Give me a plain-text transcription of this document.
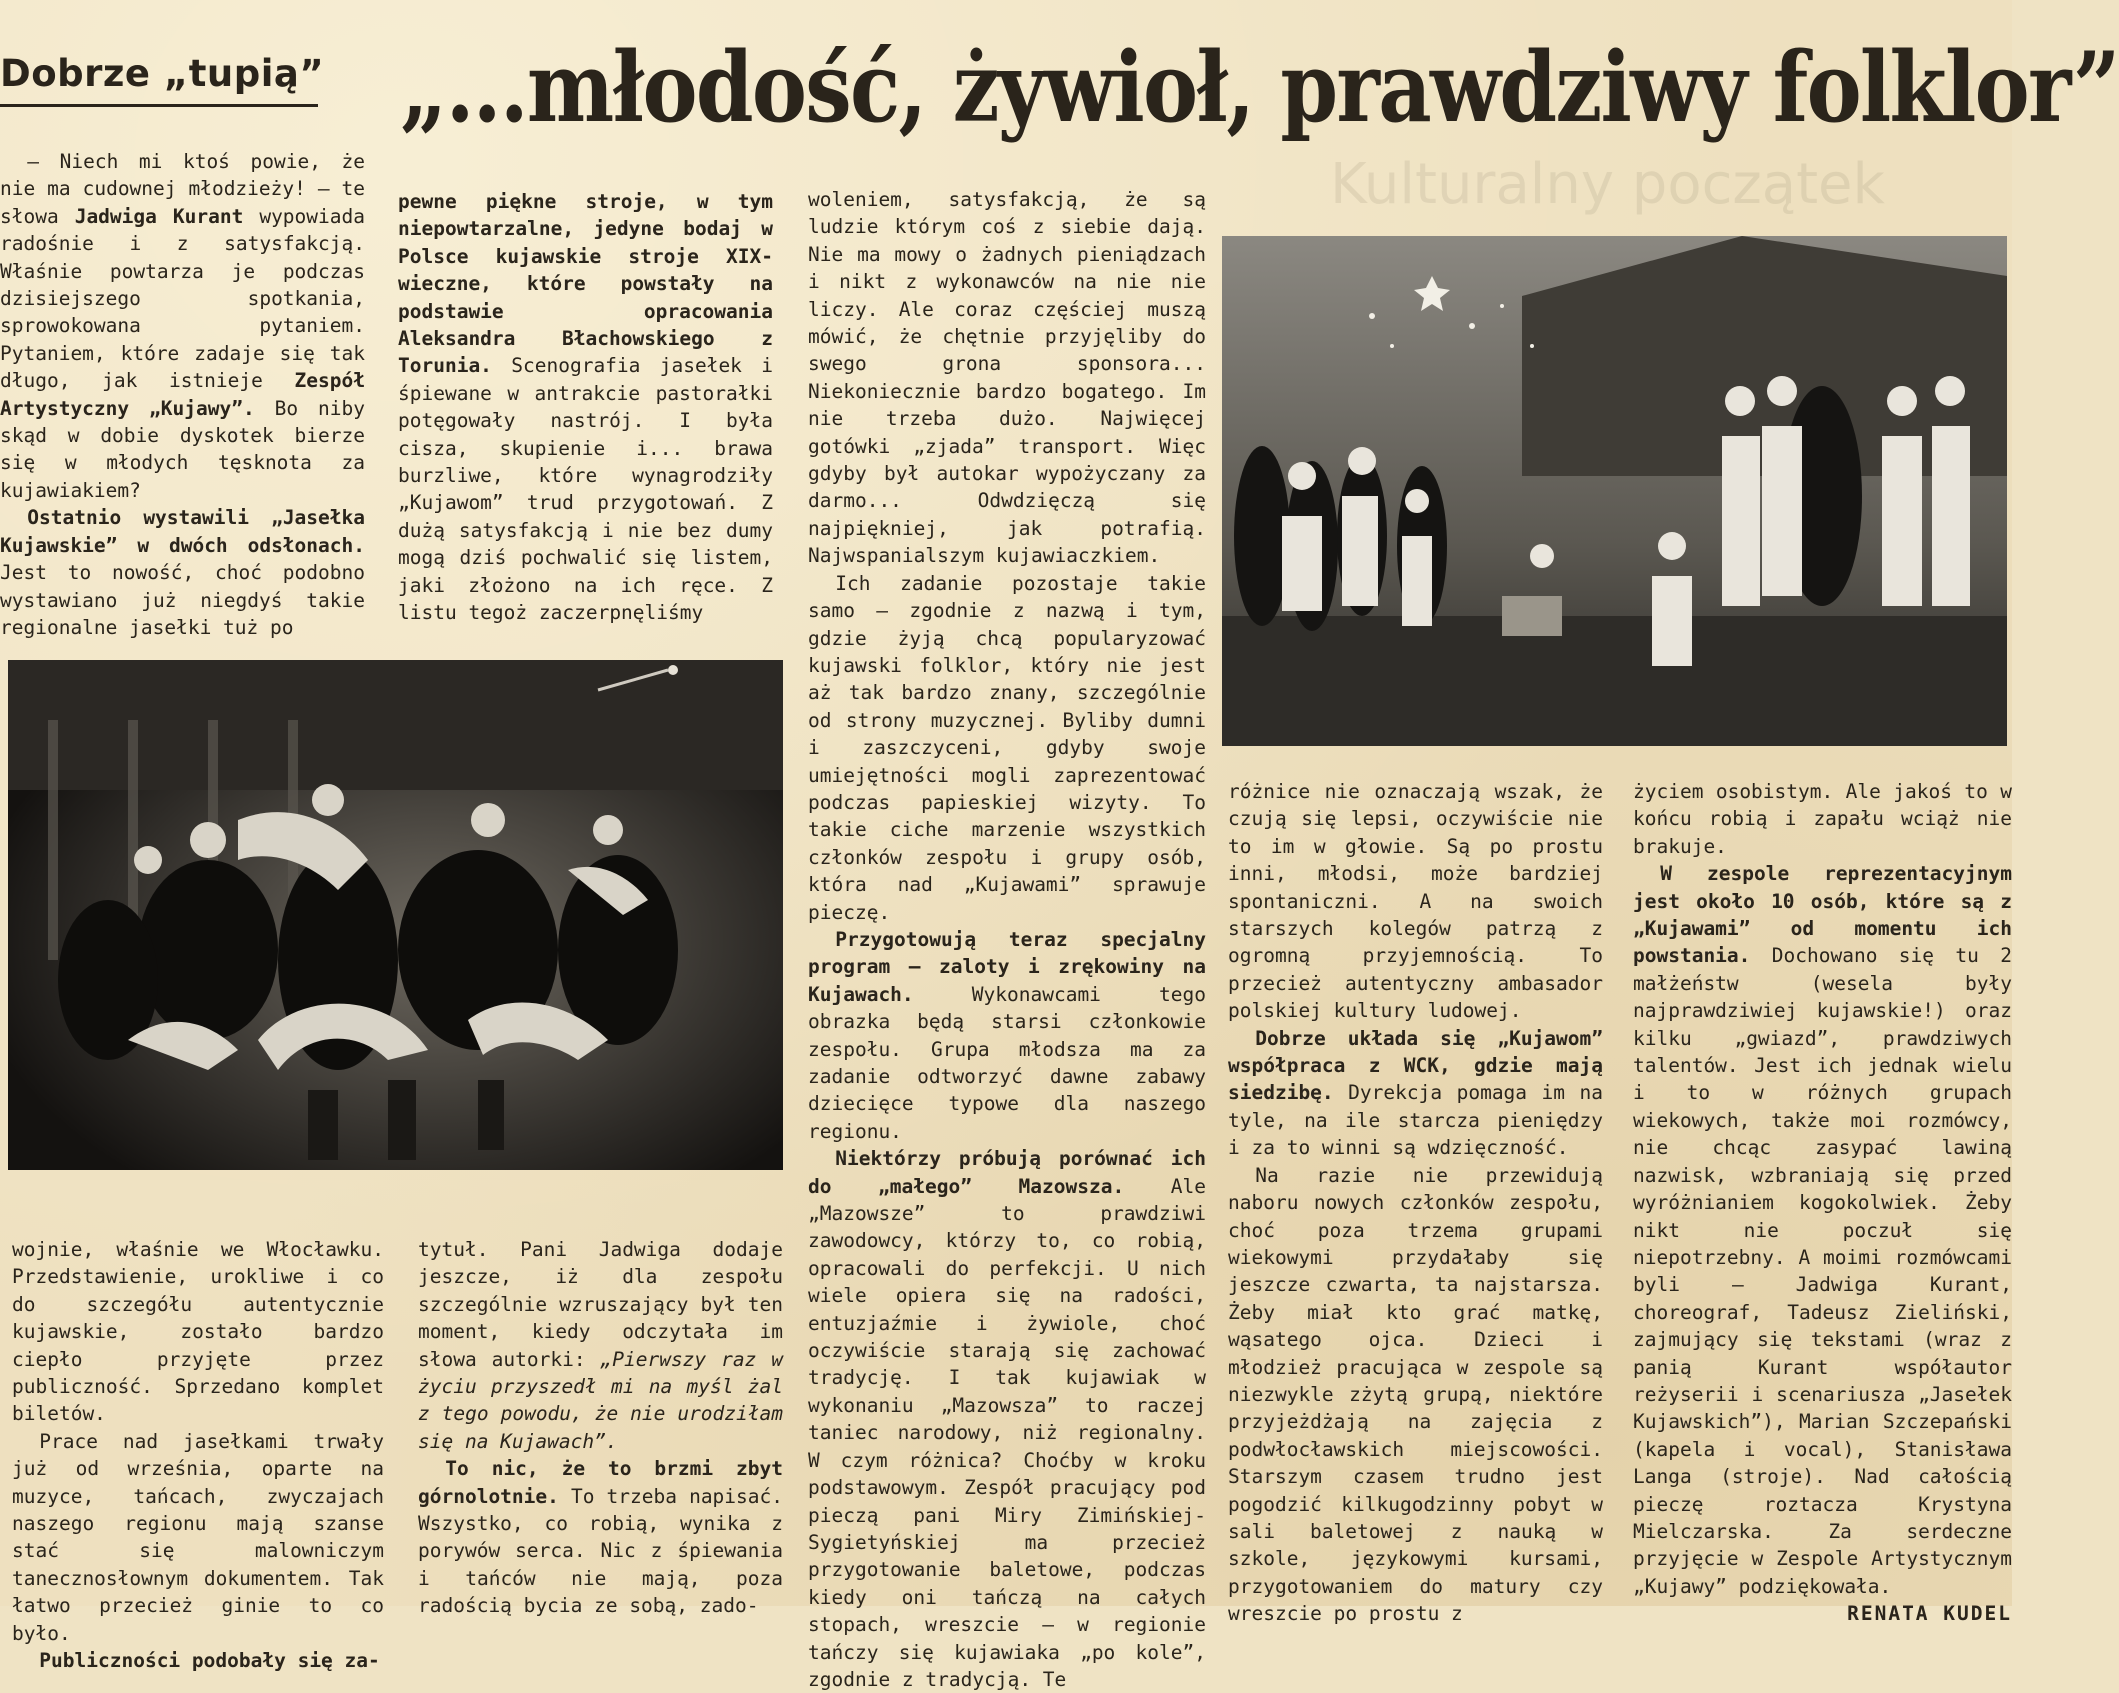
Kulturalny początek
Dobrze „tupią” „...młodość, żywioł, prawdziwy folklor”

— Niech mi ktoś powie, że nie ma cudownej młodzieży! — te słowa Jadwiga Kurant wypowiada radośnie i z satysfakcją. Właśnie powtarza je podczas dzisiejszego spotkania, sprowokowana pytaniem. Pytaniem, które zadaje się tak długo, jak istnieje Zespół Artystyczny „Kujawy”. Bo niby skąd w dobie dyskotek bierze się w młodych tęsknota za kujawiakiem?

Ostatnio wystawili „Jasełka Kujawskie” w dwóch odsłonach. Jest to nowość, choć podobno wystawiano już niegdyś takie regionalne jasełki tuż po

pewne piękne stroje, w tym niepowtarzalne, jedyne bodaj w Polsce kujawskie stroje XIX-wieczne, które powstały na podstawie opracowania Aleksandra Błachowskiego z Torunia. Scenografia jasełek i śpiewane w antrakcie pastorałki potęgowały nastrój. I była cisza, skupienie i... brawa burzliwe, które wynagrodziły „Kujawom” trud przygotowań. Z dużą satysfakcją i nie bez dumy mogą dziś pochwalić się listem, jaki złożono na ich ręce. Z listu tegoż zaczerpnęliśmy

wojnie, właśnie we Włocławku. Przedstawienie, urokliwe i co do szczegółu autentycznie kujawskie, zostało bardzo ciepło przyjęte przez publiczność. Sprzedano komplet biletów.

Prace nad jasełkami trwały już od września, oparte na muzyce, tańcach, zwyczajach naszego regionu mają szanse stać się malowniczym tanecznosłownym dokumentem. Tak łatwo przecież ginie to co było.

Publiczności podobały się za-

tytuł. Pani Jadwiga dodaje jeszcze, iż dla zespołu szczególnie wzruszający był ten moment, kiedy odczytała im słowa autorki: „Pierwszy raz w życiu przyszedł mi na myśl żal z tego powodu, że nie urodziłam się na Kujawach”.

To nic, że to brzmi zbyt górnolotnie. To trzeba napisać. Wszystko, co robią, wynika z porywów serca. Nic z śpiewania i tańców nie mają, poza radością bycia ze sobą, zado-

woleniem, satysfakcją, że są ludzie którym coś z siebie dają. Nie ma mowy o żadnych pieniądzach i nikt z wykonawców na nie nie liczy. Ale coraz częściej muszą mówić, że chętnie przyjęliby do swego grona sponsora... Niekoniecznie bardzo bogatego. Im nie trzeba dużo. Najwięcej gotówki „zjada” transport. Więc gdyby był autokar wypożyczany za darmo... Odwdzięczą się najpiękniej, jak potrafią. Najwspanialszym kujawiaczkiem.

Ich zadanie pozostaje takie samo — zgodnie z nazwą i tym, gdzie żyją chcą popularyzować kujawski folklor, który nie jest aż tak bardzo znany, szczególnie od strony muzycznej. Byliby dumni i zaszczyceni, gdyby swoje umiejętności mogli zaprezentować podczas papieskiej wizyty. To takie ciche marzenie wszystkich członków zespołu i grupy osób, która nad „Kujawami” sprawuje pieczę.

Przygotowują teraz specjalny program — zaloty i zrękowiny na Kujawach. Wykonawcami tego obrazka będą starsi członkowie zespołu. Grupa młodsza ma za zadanie odtworzyć dawne zabawy dziecięce typowe dla naszego regionu.

Niektórzy próbują porównać ich do „małego” Mazowsza. Ale „Mazowsze” to prawdziwi zawodowcy, którzy to, co robią, opracowali do perfekcji. U nich wiele opiera się na radości, entuzjaźmie i żywiole, choć oczywiście starają się zachować tradycję. I tak kujawiak w wykonaniu „Mazowsza” to raczej taniec narodowy, niż regionalny. W czym różnica? Choćby w kroku podstawowym. Zespół pracujący pod pieczą pani Miry Zimińskiej-Sygietyńskiej ma przecież przygotowanie baletowe, podczas kiedy oni tańczą na całych stopach, wreszcie — w regionie tańczy się kujawiaka „po kole”, zgodnie z tradycją. Te

różnice nie oznaczają wszak, że czują się lepsi, oczywiście nie to im w głowie. Są po prostu inni, młodsi, może bardziej spontaniczni. A na swoich starszych kolegów patrzą z ogromną przyjemnością. To przecież autentyczny ambasador polskiej kultury ludowej.

Dobrze układa się „Kujawom” współpraca z WCK, gdzie mają siedzibę. Dyrekcja pomaga im na tyle, na ile starcza pieniędzy i za to winni są wdzięczność.

Na razie nie przewidują naboru nowych członków zespołu, choć poza trzema grupami wiekowymi przydałaby się jeszcze czwarta, ta najstarsza. Żeby miał kto grać matkę, wąsatego ojca. Dzieci i młodzież pracująca w zespole są niezwykle zżytą grupą, niektóre przyjeżdżają na zajęcia z podwłocławskich miejscowości. Starszym czasem trudno jest pogodzić kilkugodzinny pobyt w sali baletowej z nauką w szkole, językowymi kursami, przygotowaniem do matury czy wreszcie po prostu z

życiem osobistym. Ale jakoś to w końcu robią i zapału wciąż nie brakuje.

W zespole reprezentacyjnym jest około 10 osób, które są z „Kujawami” od momentu ich powstania. Dochowano się tu 2 małżeństw (wesela były najprawdziwiej kujawskie!) oraz kilku „gwiazd”, prawdziwych talentów. Jest ich jednak wielu i to w różnych grupach wiekowych, także moi rozmówcy, nie chcąc zasypać lawiną nazwisk, wzbraniają się przed wyróżnianiem kogokolwiek. Żeby nikt nie poczuł się niepotrzebny. A moimi rozmówcami byli — Jadwiga Kurant, choreograf, Tadeusz Zieliński, zajmujący się tekstami (wraz z panią Kurant współautor reżyserii i scenariusza „Jasełek Kujawskich”), Marian Szczepański (kapela i vocal), Stanisława Langa (stroje). Nad całością pieczę roztacza Krystyna Mielczarska. Za serdeczne przyjęcie w Zespole Artystycznym „Kujawy” podziękowała.

RENATA KUDEL
